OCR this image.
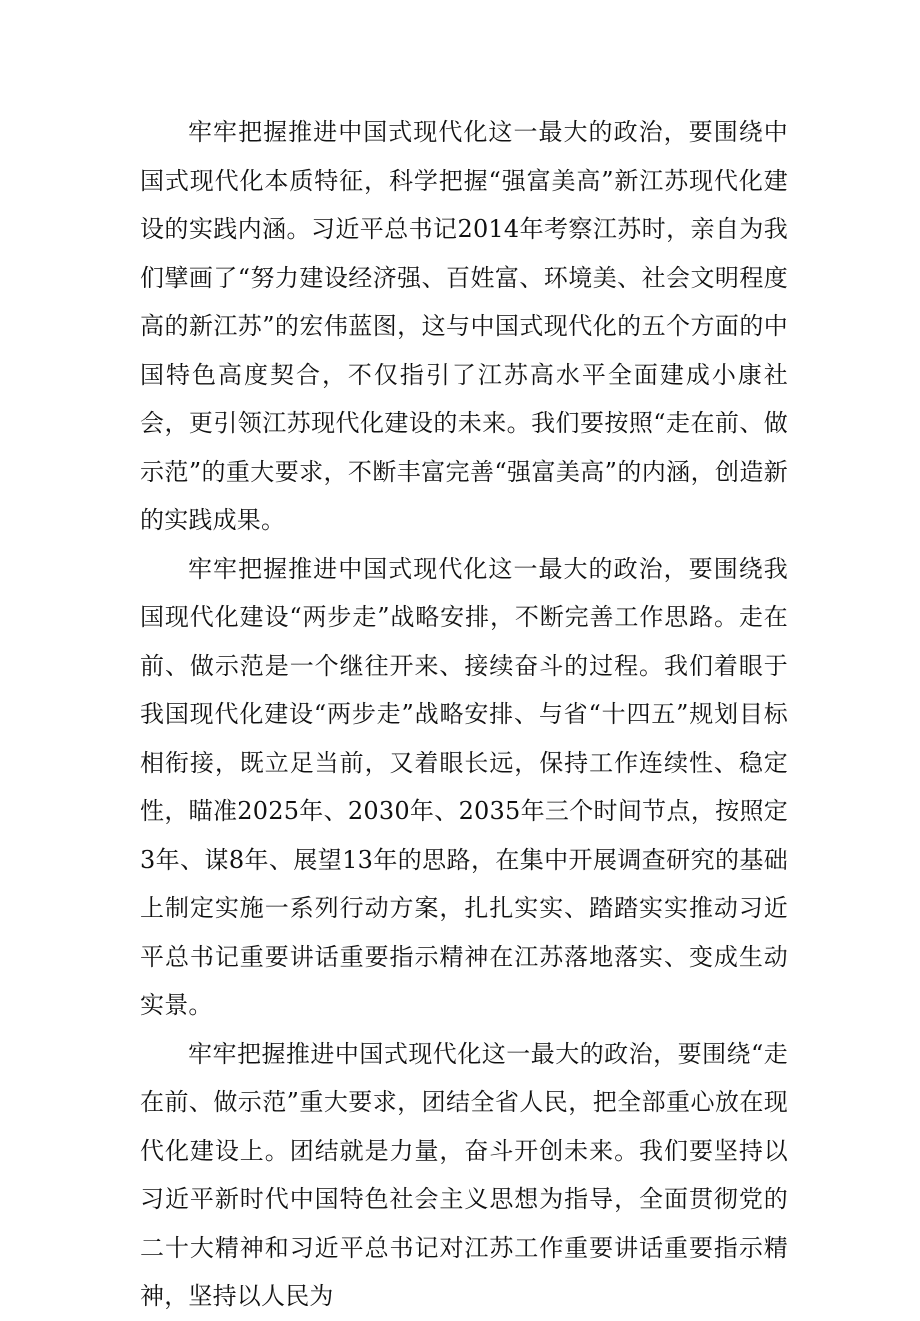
牢牢把握推进中国式现代化这一最大的政治，要围绕中国式现代化本质特征，科学把握“强富美高”新江苏现代化建设的实践内涵。习近平总书记2014年考察江苏时，亲自为我们擘画了“努力建设经济强、百姓富、环境美、社会文明程度高的新江苏”的宏伟蓝图，这与中国式现代化的五个方面的中国特色高度契合，不仅指引了江苏高水平全面建成小康社会，更引领江苏现代化建设的未来。我们要按照“走在前、做示范”的重大要求，不断丰富完善“强富美高”的内涵，创造新的实践成果。

牢牢把握推进中国式现代化这一最大的政治，要围绕我国现代化建设“两步走”战略安排，不断完善工作思路。走在前、做示范是一个继往开来、接续奋斗的过程。我们着眼于我国现代化建设“两步走”战略安排、与省“十四五”规划目标相衔接，既立足当前，又着眼长远，保持工作连续性、稳定性，瞄准2025年、2030年、2035年三个时间节点，按照定3年、谋8年、展望13年的思路，在集中开展调查研究的基础上制定实施一系列行动方案，扎扎实实、踏踏实实推动习近平总书记重要讲话重要指示精神在江苏落地落实、变成生动实景。

牢牢把握推进中国式现代化这一最大的政治，要围绕“走在前、做示范”重大要求，团结全省人民，把全部重心放在现代化建设上。团结就是力量，奋斗开创未来。我们要坚持以习近平新时代中国特色社会主义思想为指导，全面贯彻党的二十大精神和习近平总书记对江苏工作重要讲话重要指示精神，坚持以人民为
